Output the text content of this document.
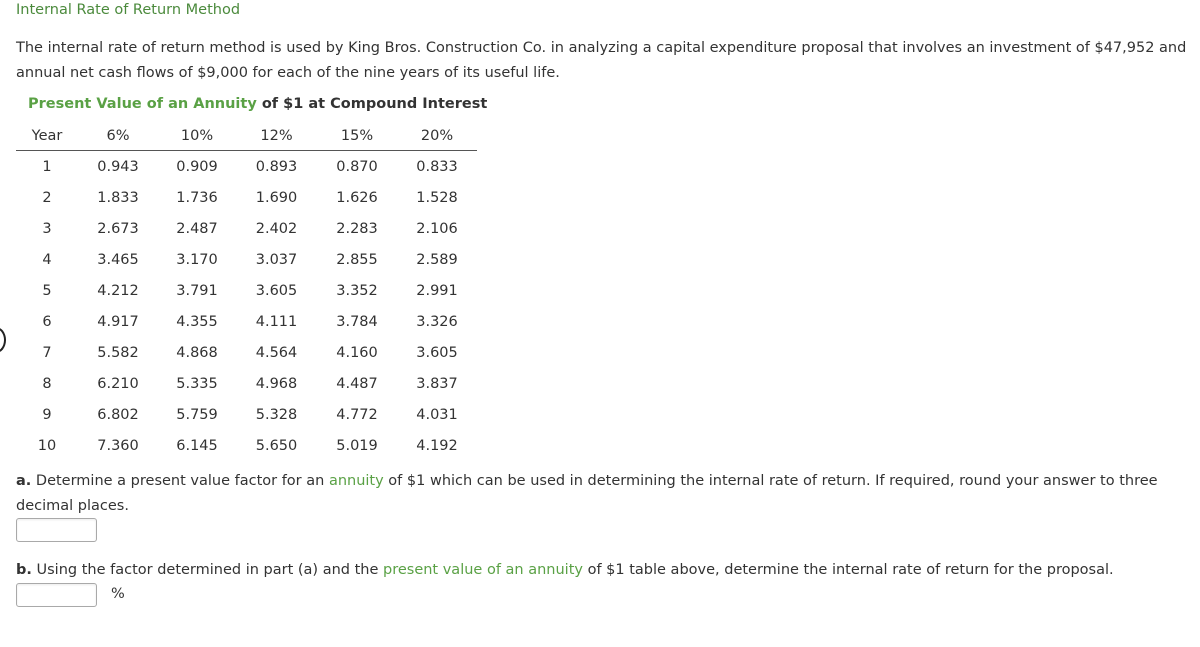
Internal Rate of Return Method
The internal rate of return method is used by King Bros. Construction Co. in analyzing a capital expenditure proposal that involves an investment of $47,952 and annual net cash flows of $9,000 for each of the nine years of its useful life.
Present Value of an Annuity of $1 at Compound Interest
Year	6%	10%	12%	15%	20%
1	0.943	0.909	0.893	0.870	0.833
2	1.833	1.736	1.690	1.626	1.528
3	2.673	2.487	2.402	2.283	2.106
4	3.465	3.170	3.037	2.855	2.589
5	4.212	3.791	3.605	3.352	2.991
6	4.917	4.355	4.111	3.784	3.326
7	5.582	4.868	4.564	4.160	3.605
8	6.210	5.335	4.968	4.487	3.837
9	6.802	5.759	5.328	4.772	4.031
10	7.360	6.145	5.650	5.019	4.192
a. Determine a present value factor for an annuity of $1 which can be used in determining the internal rate of return. If required, round your answer to three decimal places.
b. Using the factor determined in part (a) and the present value of an annuity of $1 table above, determine the internal rate of return for the proposal.
%
